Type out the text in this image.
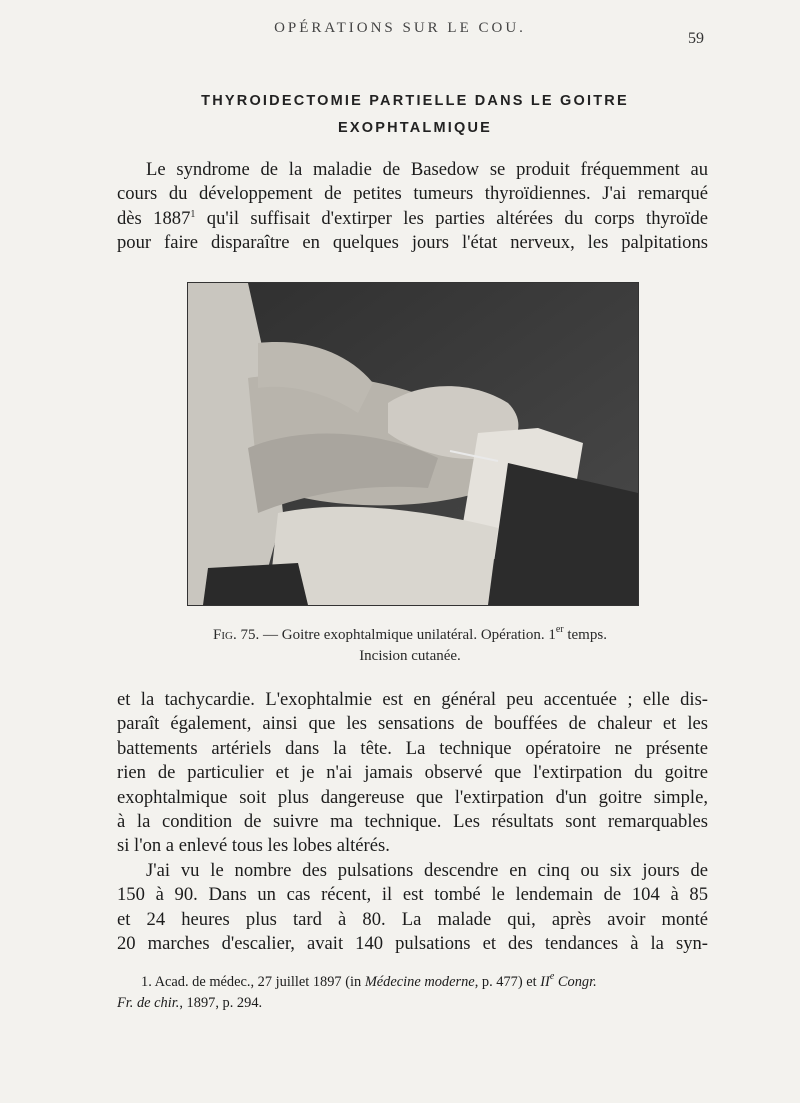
OPÉRATIONS SUR LE COU.
59
THYROIDECTOMIE PARTIELLE DANS LE GOITRE
EXOPHTALMIQUE

Le syndrome de la maladie de Basedow se produit fréquemment au
cours du développement de petites tumeurs thyroïdiennes. J'ai remarqué
dès 1887$^1$ qu'il suffisait d'extirper les parties altérées du corps thyroïde
pour faire disparaître en quelques jours l'état nerveux, les palpitations

Fig. 75. — Goitre exophtalmique unilatéral. Opération. 1er temps.
Incision cutanée.

et la tachycardie. L'exophtalmie est en général peu accentuée ; elle dis-
paraît également, ainsi que les sensations de bouffées de chaleur et les
battements artériels dans la tête. La technique opératoire ne présente
rien de particulier et je n'ai jamais observé que l'extirpation du goitre
exophtalmique soit plus dangereuse que l'extirpation d'un goitre simple,
à la condition de suivre ma technique. Les résultats sont remarquables
si l'on a enlevé tous les lobes altérés.
J'ai vu le nombre des pulsations descendre en cinq ou six jours de
150 à 90. Dans un cas récent, il est tombé le lendemain de 104 à 85
et 24 heures plus tard à 80. La malade qui, après avoir monté
20 marches d'escalier, avait 140 pulsations et des tendances à la syn-

1. Acad. de médec., 27 juillet 1897 (in Médecine moderne, p. 477) et IIe Congr.
Fr. de chir., 1897, p. 294.
